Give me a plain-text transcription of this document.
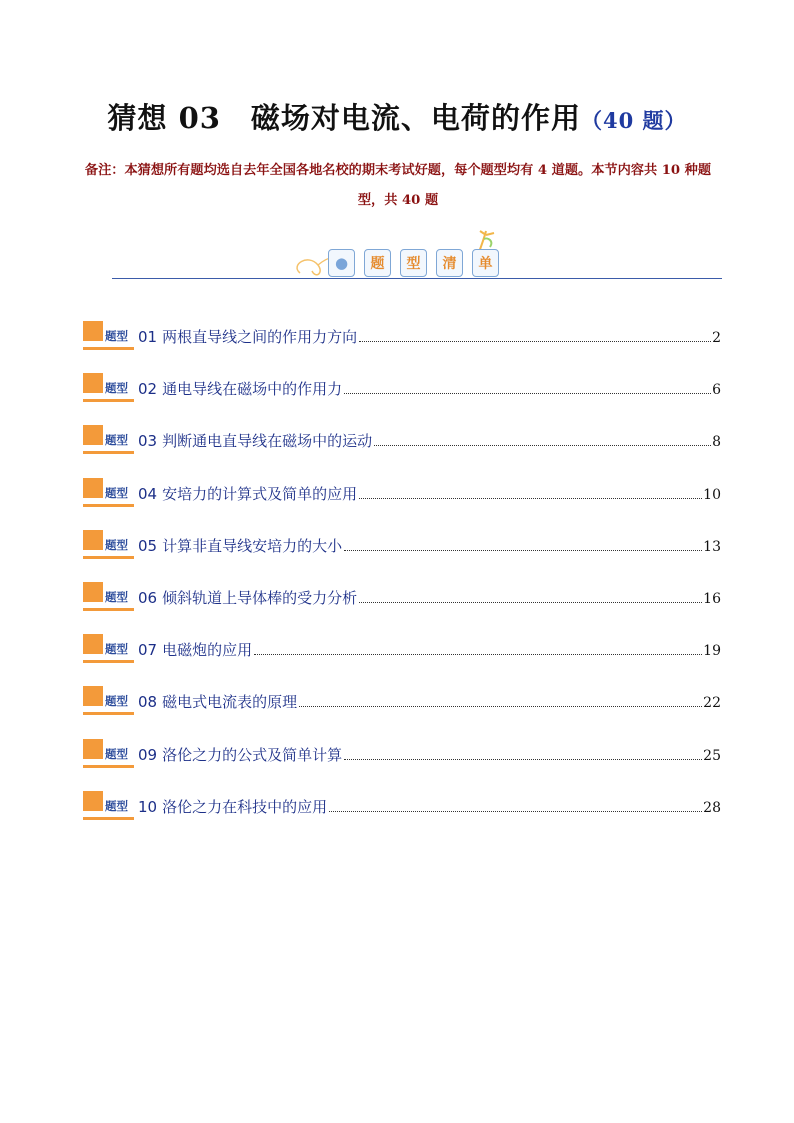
猜想 03　磁场对电流、电荷的作用（40 题）
备注：本猜想所有题均选自去年全国各地名校的期末考试好题，每个题型均有 4 道题。本节内容共 10 种题型，共 40 题
●	题	型	清	单
题型 01 两根直导线之间的作用力方向	2
题型 02 通电导线在磁场中的作用力	6
题型 03 判断通电直导线在磁场中的运动	8
题型 04 安培力的计算式及简单的应用	10
题型 05 计算非直导线安培力的大小	13
题型 06 倾斜轨道上导体棒的受力分析	16
题型 07 电磁炮的应用	19
题型 08 磁电式电流表的原理	22
题型 09 洛伦之力的公式及简单计算	25
题型 10 洛伦之力在科技中的应用	28
